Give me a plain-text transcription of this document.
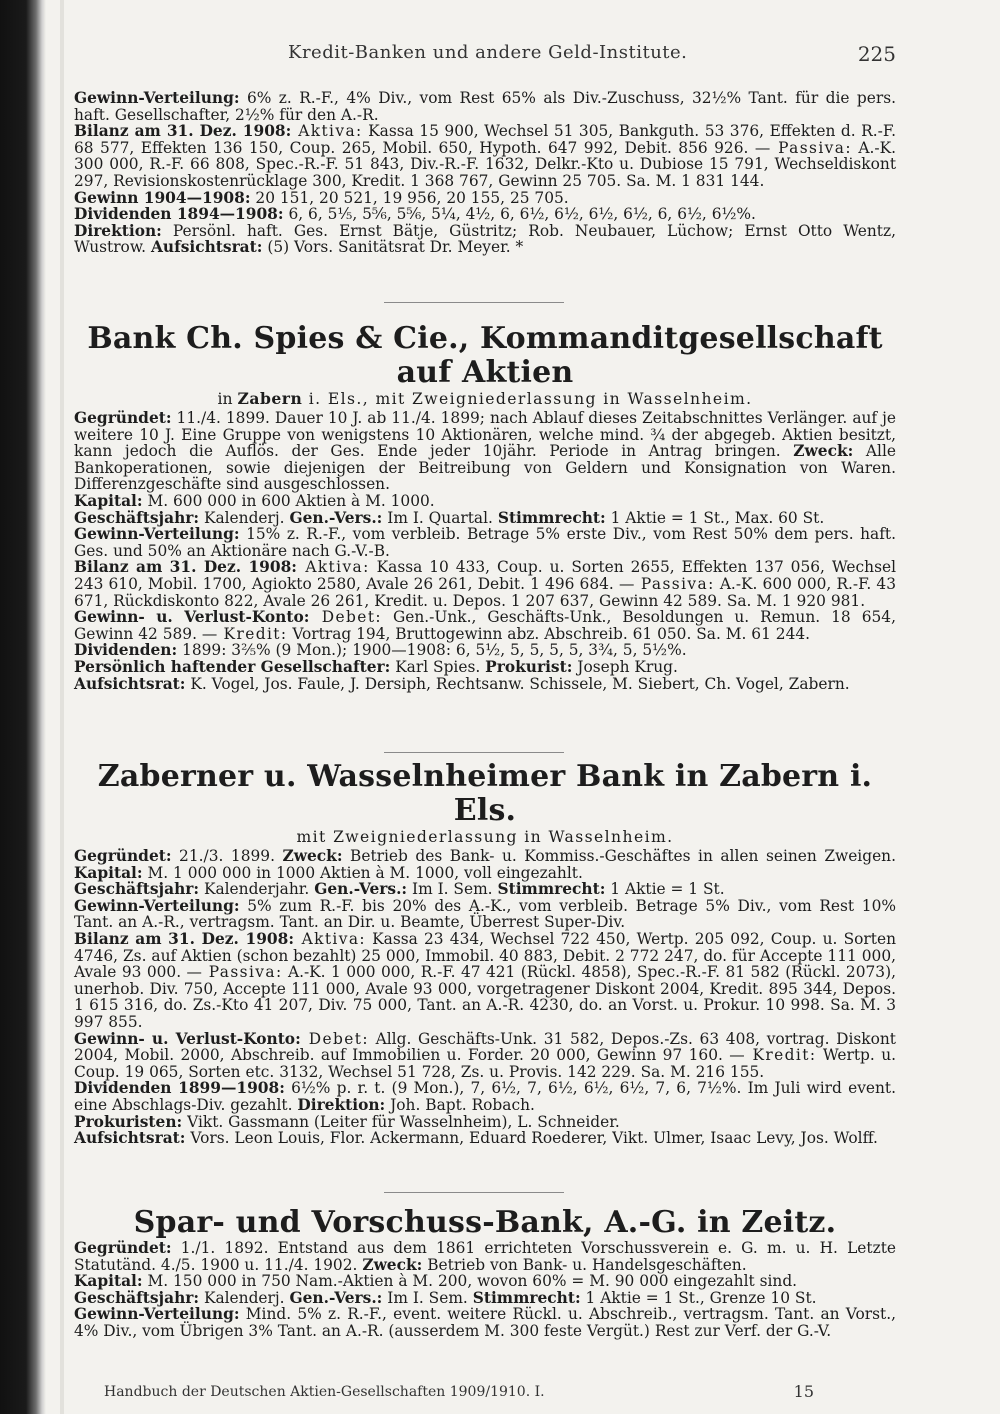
Kredit-Banken und andere Geld-Institute.	225

Gewinn-Verteilung: 6% z. R.-F., 4% Div., vom Rest 65% als Div.-Zuschuss, 32½% Tant. für die pers. haft. Gesellschafter, 2½% für den A.-R.

Bilanz am 31. Dez. 1908: Aktiva: Kassa 15 900, Wechsel 51 305, Bankguth. 53 376, Effekten d. R.-F. 68 577, Effekten 136 150, Coup. 265, Mobil. 650, Hypoth. 647 992, Debit. 856 926. — Passiva: A.-K. 300 000, R.-F. 66 808, Spec.-R.-F. 51 843, Div.-R.-F. 1632, Delkr.-Kto u. Dubiose 15 791, Wechseldiskont 297, Revisionskostenrücklage 300, Kredit. 1 368 767, Gewinn 25 705. Sa. M. 1 831 144.

Gewinn 1904—1908: 20 151, 20 521, 19 956, 20 155, 25 705.

Dividenden 1894—1908: 6, 6, 5⅕, 5⅚, 5⅚, 5¼, 4½, 6, 6½, 6½, 6½, 6½, 6, 6½, 6½%.

Direktion: Persönl. haft. Ges. Ernst Bätje, Güstritz; Rob. Neubauer, Lüchow; Ernst Otto Wentz, Wustrow. Aufsichtsrat: (5) Vors. Sanitätsrat Dr. Meyer. *

Bank Ch. Spies & Cie., Kommanditgesellschaft auf Aktien
in Zabern i. Els., mit Zweigniederlassung in Wasselnheim.

Gegründet: 11./4. 1899. Dauer 10 J. ab 11./4. 1899; nach Ablauf dieses Zeitabschnittes Verlänger. auf je weitere 10 J. Eine Gruppe von wenigstens 10 Aktionären, welche mind. ¾ der abgegeb. Aktien besitzt, kann jedoch die Auflös. der Ges. Ende jeder 10jähr. Periode in Antrag bringen. Zweck: Alle Bankoperationen, sowie diejenigen der Beitreibung von Geldern und Konsignation von Waren. Differenzgeschäfte sind ausgeschlossen.

Kapital: M. 600 000 in 600 Aktien à M. 1000.

Geschäftsjahr: Kalenderj. Gen.-Vers.: Im I. Quartal. Stimmrecht: 1 Aktie = 1 St., Max. 60 St.

Gewinn-Verteilung: 15% z. R.-F., vom verbleib. Betrage 5% erste Div., vom Rest 50% dem pers. haft. Ges. und 50% an Aktionäre nach G.-V.-B.

Bilanz am 31. Dez. 1908: Aktiva: Kassa 10 433, Coup. u. Sorten 2655, Effekten 137 056, Wechsel 243 610, Mobil. 1700, Agiokto 2580, Avale 26 261, Debit. 1 496 684. — Passiva: A.-K. 600 000, R.-F. 43 671, Rückdiskonto 822, Avale 26 261, Kredit. u. Depos. 1 207 637, Gewinn 42 589. Sa. M. 1 920 981.

Gewinn- u. Verlust-Konto: Debet: Gen.-Unk., Geschäfts-Unk., Besoldungen u. Remun. 18 654, Gewinn 42 589. — Kredit: Vortrag 194, Bruttogewinn abz. Abschreib. 61 050. Sa. M. 61 244.

Dividenden: 1899: 3⅖% (9 Mon.); 1900—1908: 6, 5½, 5, 5, 5, 5, 3¾, 5, 5½%.

Persönlich haftender Gesellschafter: Karl Spies. Prokurist: Joseph Krug.

Aufsichtsrat: K. Vogel, Jos. Faule, J. Dersiph, Rechtsanw. Schissele, M. Siebert, Ch. Vogel, Zabern.

Zaberner u. Wasselnheimer Bank in Zabern i. Els.
mit Zweigniederlassung in Wasselnheim.

Gegründet: 21./3. 1899. Zweck: Betrieb des Bank- u. Kommiss.-Geschäftes in allen seinen Zweigen. Kapital: M. 1 000 000 in 1000 Aktien à M. 1000, voll eingezahlt.

Geschäftsjahr: Kalenderjahr. Gen.-Vers.: Im I. Sem. Stimmrecht: 1 Aktie = 1 St.

Gewinn-Verteilung: 5% zum R.-F. bis 20% des A.-K., vom verbleib. Betrage 5% Div., vom Rest 10% Tant. an A.-R., vertragsm. Tant. an Dir. u. Beamte, Überrest Super-Div.

Bilanz am 31. Dez. 1908: Aktiva: Kassa 23 434, Wechsel 722 450, Wertp. 205 092, Coup. u. Sorten 4746, Zs. auf Aktien (schon bezahlt) 25 000, Immobil. 40 883, Debit. 2 772 247, do. für Accepte 111 000, Avale 93 000. — Passiva: A.-K. 1 000 000, R.-F. 47 421 (Rückl. 4858), Spec.-R.-F. 81 582 (Rückl. 2073), unerhob. Div. 750, Accepte 111 000, Avale 93 000, vorgetragener Diskont 2004, Kredit. 895 344, Depos. 1 615 316, do. Zs.-Kto 41 207, Div. 75 000, Tant. an A.-R. 4230, do. an Vorst. u. Prokur. 10 998. Sa. M. 3 997 855.

Gewinn- u. Verlust-Konto: Debet: Allg. Geschäfts-Unk. 31 582, Depos.-Zs. 63 408, vortrag. Diskont 2004, Mobil. 2000, Abschreib. auf Immobilien u. Forder. 20 000, Gewinn 97 160. — Kredit: Wertp. u. Coup. 19 065, Sorten etc. 3132, Wechsel 51 728, Zs. u. Provis. 142 229. Sa. M. 216 155.

Dividenden 1899—1908: 6½% p. r. t. (9 Mon.), 7, 6½, 7, 6½, 6½, 6½, 7, 6, 7½%. Im Juli wird event. eine Abschlags-Div. gezahlt. Direktion: Joh. Bapt. Robach.

Prokuristen: Vikt. Gassmann (Leiter für Wasselnheim), L. Schneider.

Aufsichtsrat: Vors. Leon Louis, Flor. Ackermann, Eduard Roederer, Vikt. Ulmer, Isaac Levy, Jos. Wolff.

Spar- und Vorschuss-Bank, A.-G. in Zeitz.

Gegründet: 1./1. 1892. Entstand aus dem 1861 errichteten Vorschussverein e. G. m. u. H. Letzte Statutänd. 4./5. 1900 u. 11./4. 1902. Zweck: Betrieb von Bank- u. Handelsgeschäften.

Kapital: M. 150 000 in 750 Nam.-Aktien à M. 200, wovon 60% = M. 90 000 eingezahlt sind.

Geschäftsjahr: Kalenderj. Gen.-Vers.: Im I. Sem. Stimmrecht: 1 Aktie = 1 St., Grenze 10 St.

Gewinn-Verteilung: Mind. 5% z. R.-F., event. weitere Rückl. u. Abschreib., vertragsm. Tant. an Vorst., 4% Div., vom Übrigen 3% Tant. an A.-R. (ausserdem M. 300 feste Vergüt.) Rest zur Verf. der G.-V.

Handbuch der Deutschen Aktien-Gesellschaften 1909/1910. I.	15
